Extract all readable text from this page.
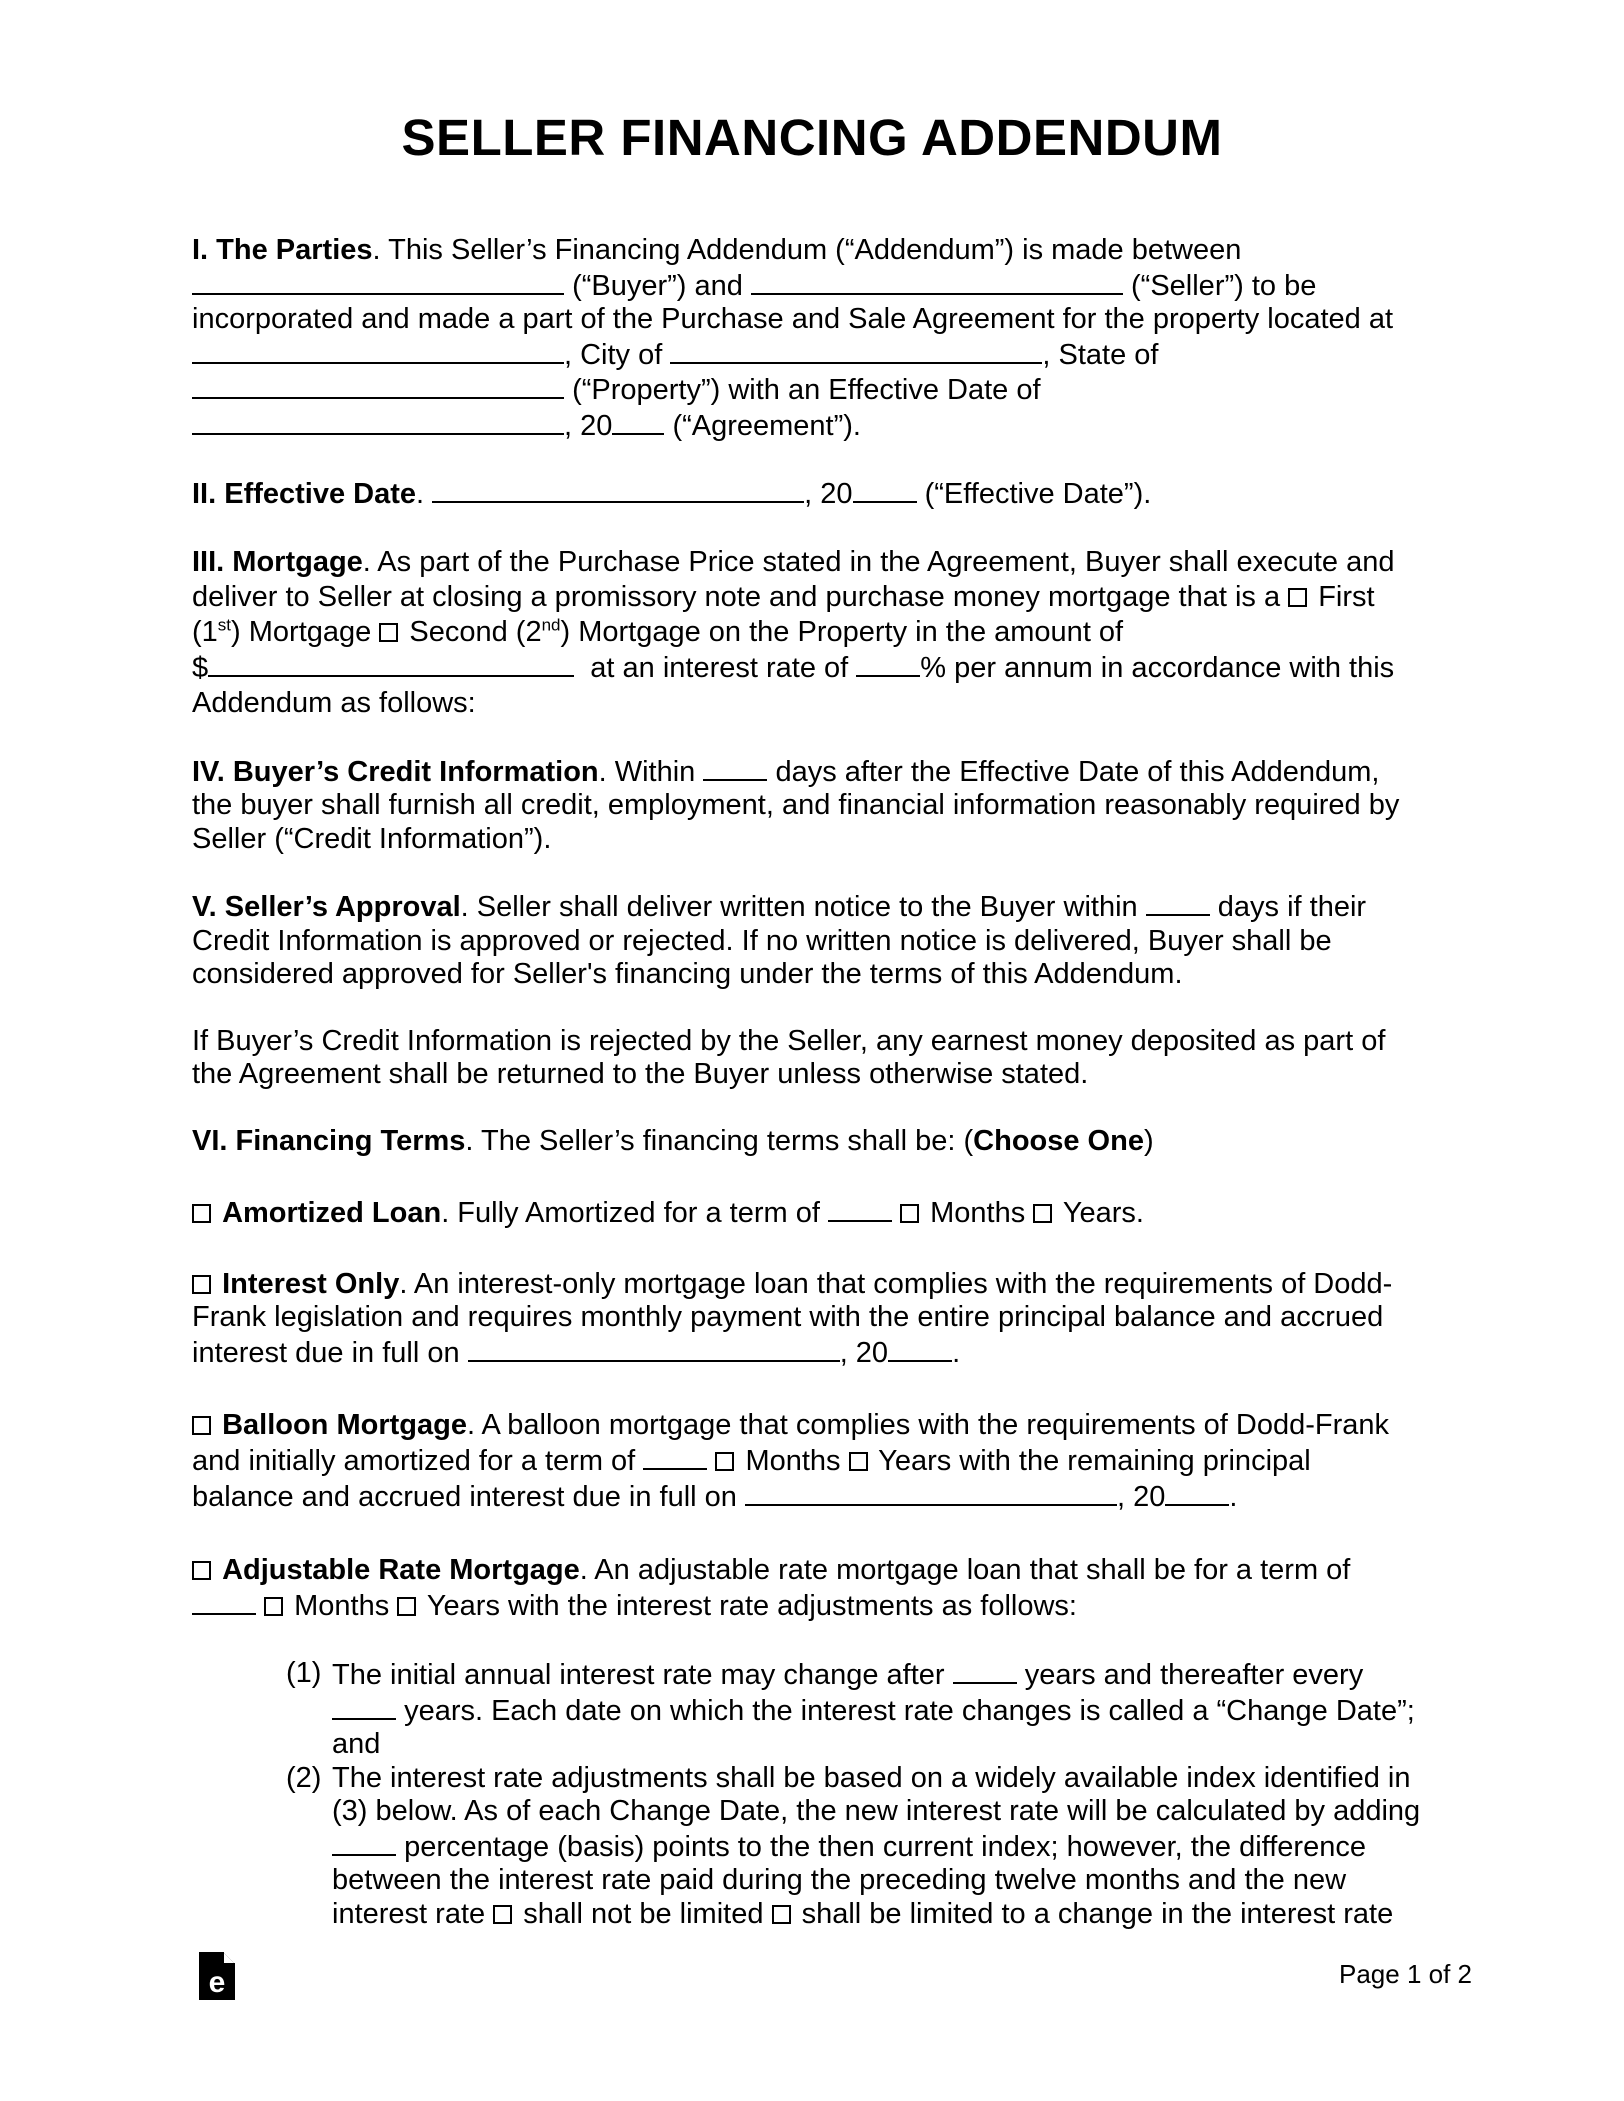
SELLER FINANCING ADDENDUM

I. The Parties. This Seller’s Financing Addendum (“Addendum”) is made between
(“Buyer”) and	(“Seller”) to be
incorporated and made a part of the Purchase and Sale Agreement for the property located at
, City of	, State of
(“Property”) with an Effective Date of
, 20 (“Agreement”).

II. Effective Date.	, 20 (“Effective Date”).

III. Mortgage. As part of the Purchase Price stated in the Agreement, Buyer shall execute and
deliver to Seller at closing a promissory note and purchase money mortgage that is a First
(1st) Mortgage Second (2nd) Mortgage on the Property in the amount of
$	at an interest rate of % per annum in accordance with this
Addendum as follows:

IV. Buyer’s Credit Information. Within	days after the Effective Date of this Addendum,
the buyer shall furnish all credit, employment, and financial information reasonably required by
Seller (“Credit Information”).

V. Seller’s Approval. Seller shall deliver written notice to the Buyer within	days if their
Credit Information is approved or rejected. If no written notice is delivered, Buyer shall be
considered approved for Seller's financing under the terms of this Addendum.

If Buyer’s Credit Information is rejected by the Seller, any earnest money deposited as part of
the Agreement shall be returned to the Buyer unless otherwise stated.

VI. Financing Terms. The Seller’s financing terms shall be: (Choose One)

Amortized Loan. Fully Amortized for a term of	Months Years.

Interest Only. An interest-only mortgage loan that complies with the requirements of Dodd-
Frank legislation and requires monthly payment with the entire principal balance and accrued
interest due in full on	, 20 .

Balloon Mortgage. A balloon mortgage that complies with the requirements of Dodd-Frank
and initially amortized for a term of	Months Years with the remaining principal
balance and accrued interest due in full on	, 20 .

Adjustable Rate Mortgage. An adjustable rate mortgage loan that shall be for a term of
Months Years with the interest rate adjustments as follows:

(1) The initial annual interest rate may change after	years and thereafter every
years. Each date on which the interest rate changes is called a “Change Date”;
and
(2) The interest rate adjustments shall be based on a widely available index identified in
(3) below. As of each Change Date, the new interest rate will be calculated by adding
percentage (basis) points to the then current index; however, the difference
between the interest rate paid during the preceding twelve months and the new
interest rate shall not be limited shall be limited to a change in the interest rate
e	Page 1 of 2
